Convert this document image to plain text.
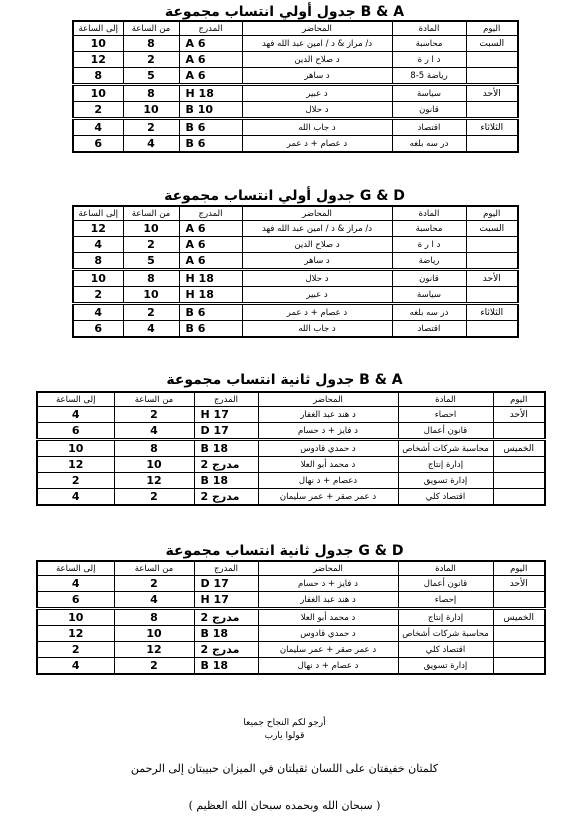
جدول أولي انتساب مجموعة B & A
اليوم	المادة	المحاضر	المدرج	من الساعة	إلى الساعة
السبت	محاسبة	د/ مراز & د / امين عبد الله فهد	A 6	8	10
	د ا ر ة	د صلاح الدين	A 6	2	12
	رياضة 5-8	د ساهر	A 6	5	8
الأحد	سياسة	د عبير	H 18	8	10
	قانون	د حلال	B 10	10	2
الثلاثاء	اقتصاد	د جاب الله	B 6	2	4
	در سه بلغه	د عصام + د عمر	B 6	4	6
جدول أولي انتساب مجموعة G & D
اليوم	المادة	المحاضر	المدرج	من الساعة	إلى الساعة
السبت	محاسبة	د/ مراز & د / امين عبد الله فهد	A 6	10	12
	د ا ر ة	د صلاح الدين	A 6	2	4
	رياضة	د ساهر	A 6	5	8
الأحد	قانون	د حلال	H 18	8	10
	سياسة	د عبير	H 18	10	2
الثلاثاء	در سه بلغه	د عصام + د عمر	B 6	2	4
	اقتصاد	د جاب الله	B 6	4	6
جدول ثانية انتساب مجموعة B & A
اليوم	المادة	المحاضر	المدرج	من الساعة	إلى الساعة
الأحد	احصاء	د هند عبد الغفار	H 17	2	4
	قانون أعمال	د فايز + د حسام	D 17	4	6
الخميس	محاسبة شركات أشخاص	د حمدي قادوس	B 18	8	10
	إدارة إنتاج	د محمد أبو العلا	مدرج 2	10	12
	إدارة تسويق	دعصام + د نهال	B 18	12	2
	اقتصاد كلي	د عمر صقر + عمر سليمان	مدرج 2	2	4
جدول ثانية انتساب مجموعة G & D
اليوم	المادة	المحاضر	المدرج	من الساعة	إلى الساعة
الأحد	قانون أعمال	د فايز + د حسام	D 17	2	4
	إحصاء	د هند عبد الغفار	H 17	4	6
الخميس	إدارة إنتاج	د محمد أبو العلا	مدرج 2	8	10
	محاسبة شركات أشخاص	د حمدي قادوس	B 18	10	12
	اقتصاد كلي	د عمر صقر + عمر سليمان	مدرج 2	12	2
	إدارة تسويق	د عصام + د نهال	B 18	2	4
أرجو لكم النجاح جميعا
قولوا يارب
كلمتان خفيفتان على اللسان ثقيلتان في الميزان حبيبتان إلى الرحمن
( سبحان الله وبحمده سبحان الله العظيم )
